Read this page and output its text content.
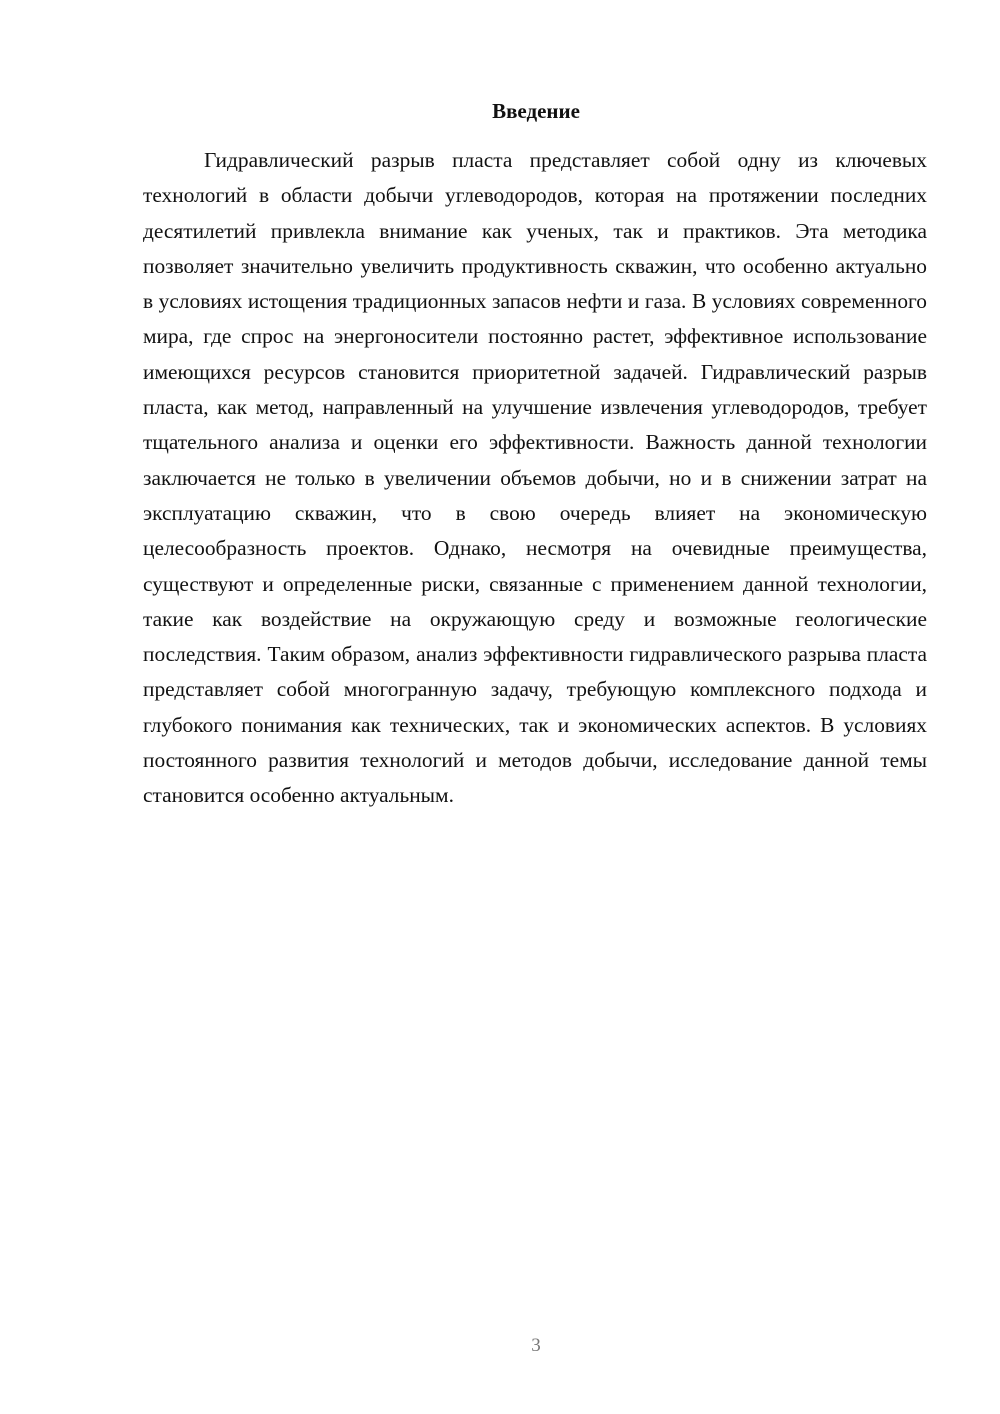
Введение

Гидравлический разрыв пласта представляет собой одну из ключевых технологий в области добычи углеводородов, которая на протяжении последних десятилетий привлекла внимание как ученых, так и практиков. Эта методика позволяет значительно увеличить продуктивность скважин, что особенно актуально в условиях истощения традиционных запасов нефти и газа. В условиях современного мира, где спрос на энергоносители постоянно растет, эффективное использование имеющихся ресурсов становится приоритетной задачей. Гидравлический разрыв пласта, как метод, направленный на улучшение извлечения углеводородов, требует тщательного анализа и оценки его эффективности. Важность данной технологии заключается не только в увеличении объемов добычи, но и в снижении затрат на эксплуатацию скважин, что в свою очередь влияет на экономическую целесообразность проектов. Однако, несмотря на очевидные преимущества, существуют и определенные риски, связанные с применением данной технологии, такие как воздействие на окружающую среду и возможные геологические последствия. Таким образом, анализ эффективности гидравлического разрыва пласта представляет собой многогранную задачу, требующую комплексного подхода и глубокого понимания как технических, так и экономических аспектов. В условиях постоянного развития технологий и методов добычи, исследование данной темы становится особенно актуальным.

3
